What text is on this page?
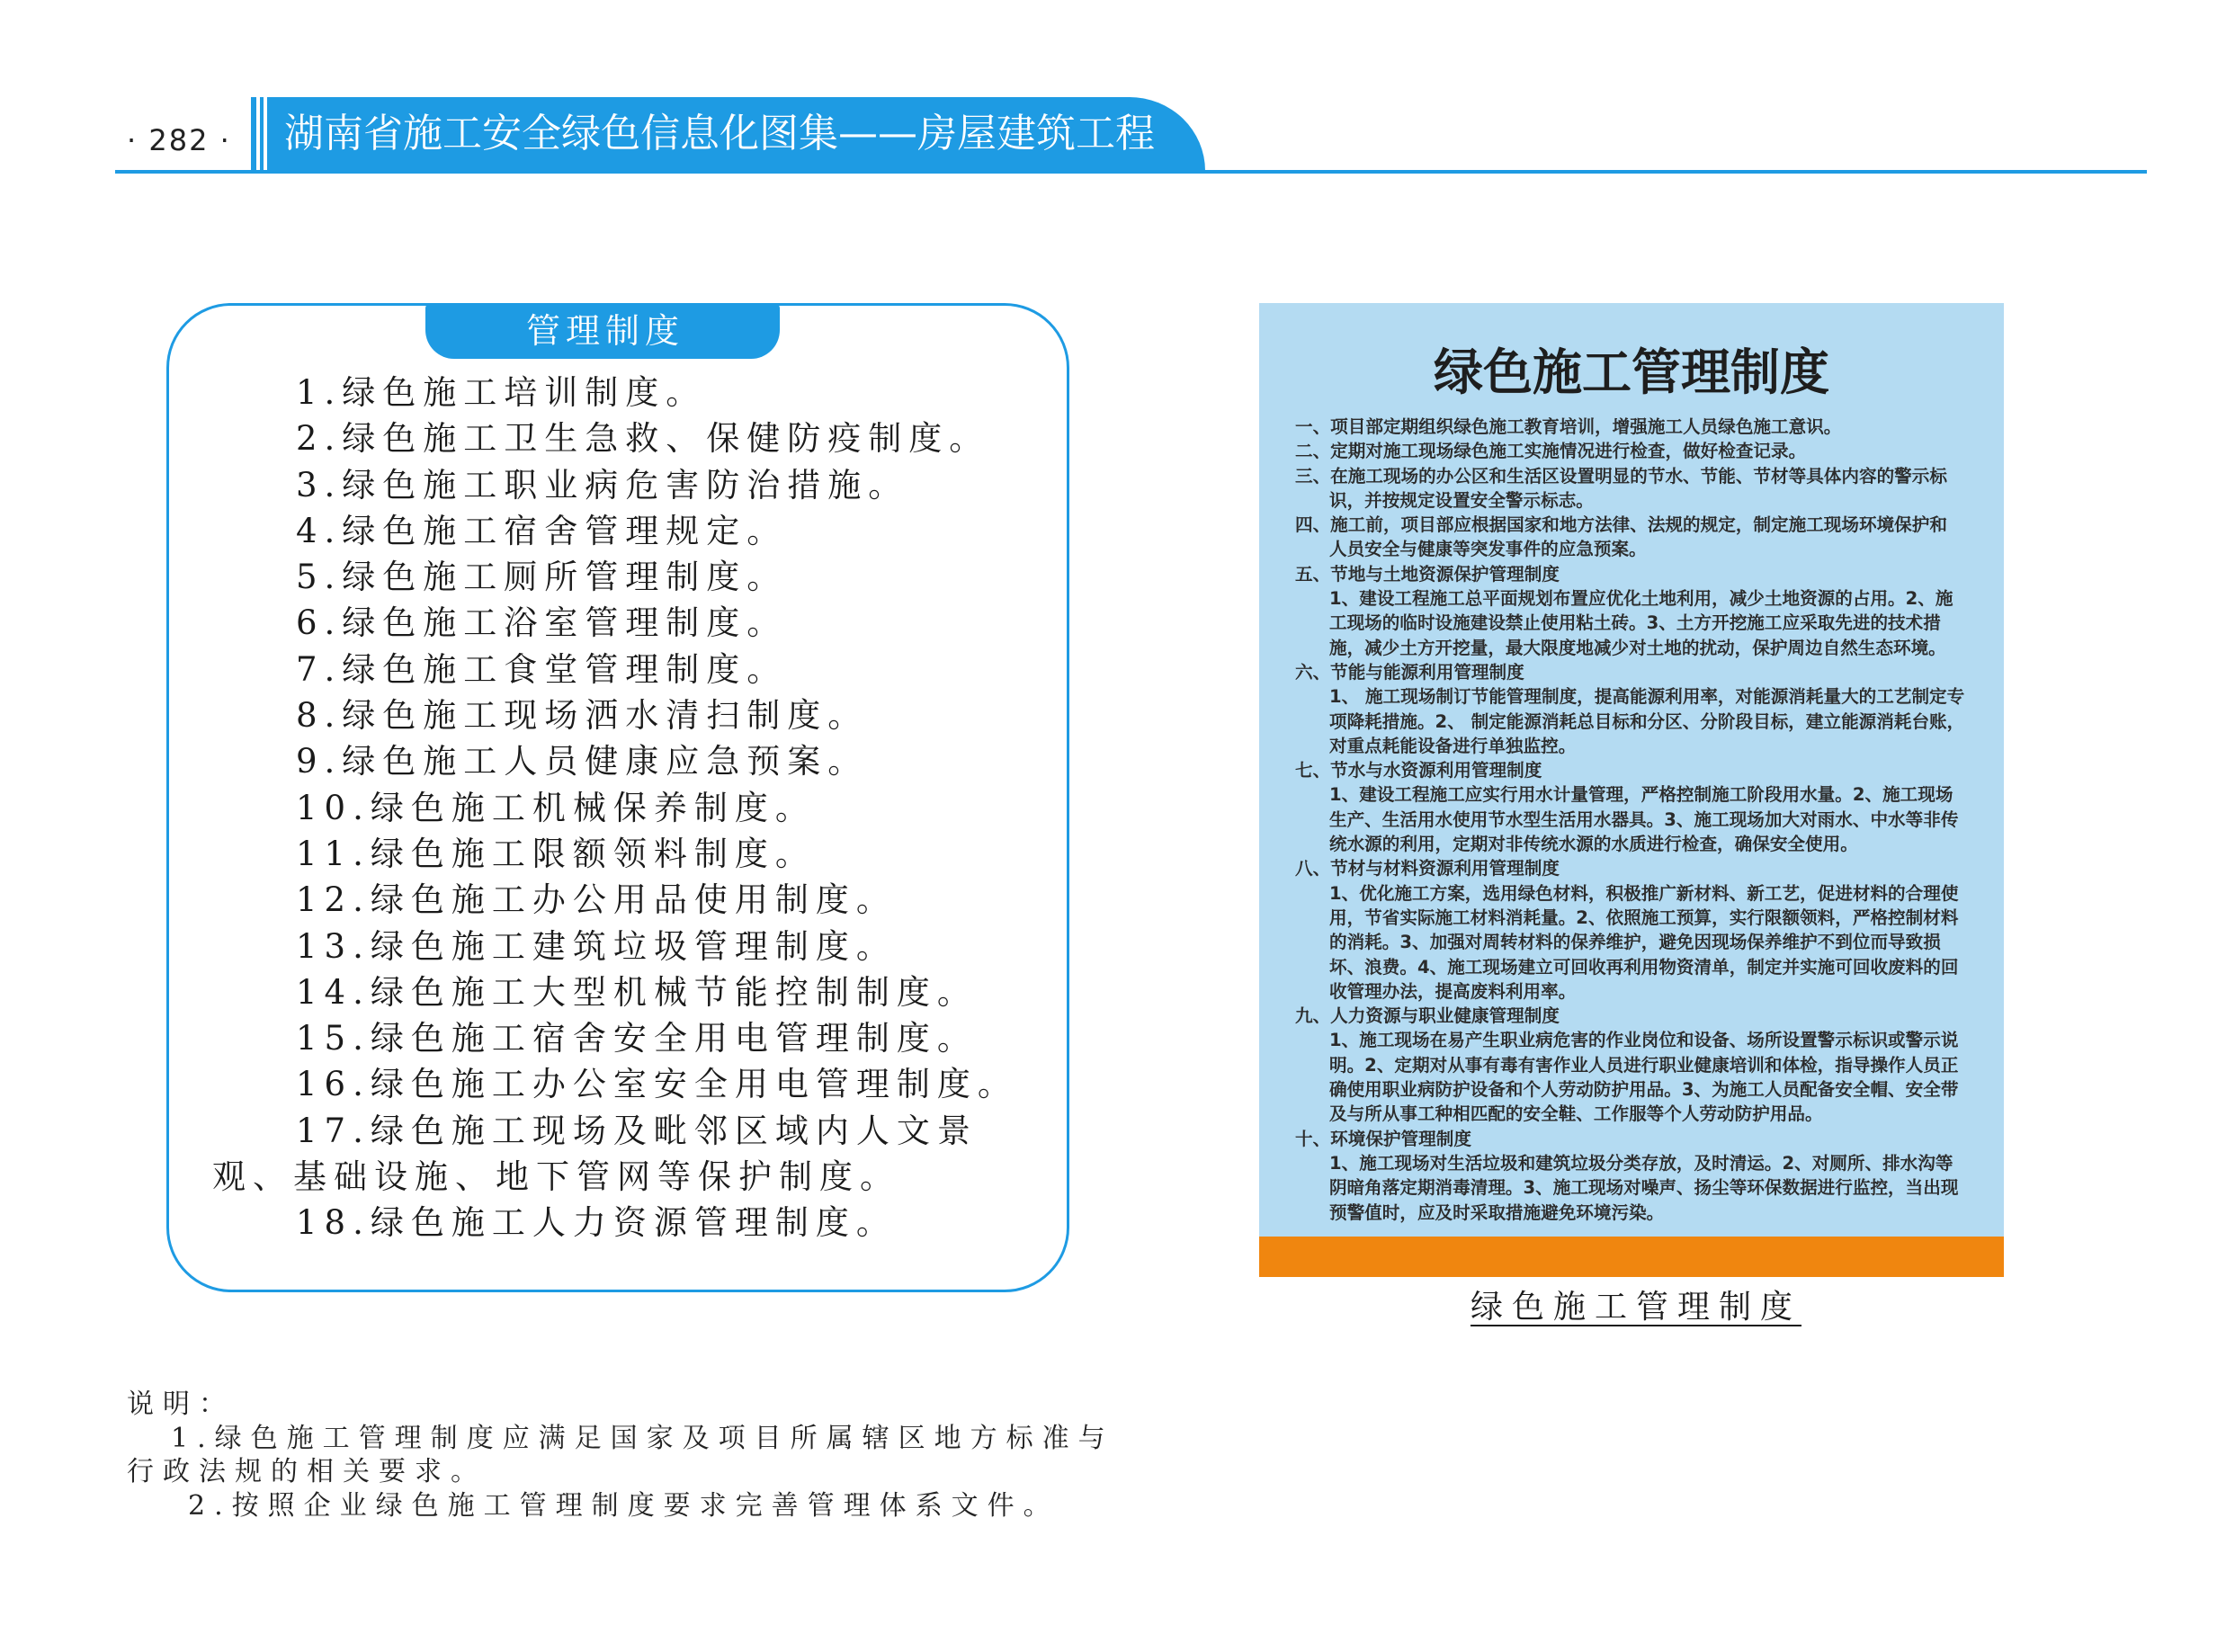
· 282 · 湖南省施工安全绿色信息化图集——房屋建筑工程
管理制度
1.绿色施工培训制度。
2.绿色施工卫生急救、保健防疫制度。
3.绿色施工职业病危害防治措施。
4.绿色施工宿舍管理规定。
5.绿色施工厕所管理制度。
6.绿色施工浴室管理制度。
7.绿色施工食堂管理制度。
8.绿色施工现场洒水清扫制度。
9.绿色施工人员健康应急预案。
10.绿色施工机械保养制度。
11.绿色施工限额领料制度。
12.绿色施工办公用品使用制度。
13.绿色施工建筑垃圾管理制度。
14.绿色施工大型机械节能控制制度。
15.绿色施工宿舍安全用电管理制度。
16.绿色施工办公室安全用电管理制度。
17.绿色施工现场及毗邻区域内人文景
观、基础设施、地下管网等保护制度。
18.绿色施工人力资源管理制度。
绿色施工管理制度
一、项目部定期组织绿色施工教育培训，增强施工人员绿色施工意识。
二、定期对施工现场绿色施工实施情况进行检查，做好检查记录。
三、在施工现场的办公区和生活区设置明显的节水、节能、节材等具体内容的警示标
识，并按规定设置安全警示标志。
四、施工前，项目部应根据国家和地方法律、法规的规定，制定施工现场环境保护和
人员安全与健康等突发事件的应急预案。
五、节地与土地资源保护管理制度
1、建设工程施工总平面规划布置应优化土地利用，减少土地资源的占用。2、施
工现场的临时设施建设禁止使用粘土砖。3、土方开挖施工应采取先进的技术措
施，减少土方开挖量，最大限度地减少对土地的扰动，保护周边自然生态环境。
六、节能与能源利用管理制度
1、 施工现场制订节能管理制度，提高能源利用率，对能源消耗量大的工艺制定专
项降耗措施。2、 制定能源消耗总目标和分区、分阶段目标，建立能源消耗台账，
对重点耗能设备进行单独监控。
七、节水与水资源利用管理制度
1、建设工程施工应实行用水计量管理，严格控制施工阶段用水量。2、施工现场
生产、生活用水使用节水型生活用水器具。3、施工现场加大对雨水、中水等非传
统水源的利用，定期对非传统水源的水质进行检查，确保安全使用。
八、节材与材料资源利用管理制度
1、优化施工方案，选用绿色材料，积极推广新材料、新工艺，促进材料的合理使
用，节省实际施工材料消耗量。2、依照施工预算，实行限额领料，严格控制材料
的消耗。3、加强对周转材料的保养维护，避免因现场保养维护不到位而导致损
坏、浪费。4、施工现场建立可回收再利用物资清单，制定并实施可回收废料的回
收管理办法，提高废料利用率。
九、人力资源与职业健康管理制度
1、施工现场在易产生职业病危害的作业岗位和设备、场所设置警示标识或警示说
明。2、定期对从事有毒有害作业人员进行职业健康培训和体检，指导操作人员正
确使用职业病防护设备和个人劳动防护用品。3、为施工人员配备安全帽、安全带
及与所从事工种相匹配的安全鞋、工作服等个人劳动防护用品。
十、环境保护管理制度
1、施工现场对生活垃圾和建筑垃圾分类存放，及时清运。2、对厕所、排水沟等
阴暗角落定期消毒清理。3、施工现场对噪声、扬尘等环保数据进行监控，当出现
预警值时，应及时采取措施避免环境污染。
绿色施工管理制度
说明：
1.绿色施工管理制度应满足国家及项目所属辖区地方标准与
行政法规的相关要求。
2.按照企业绿色施工管理制度要求完善管理体系文件。
